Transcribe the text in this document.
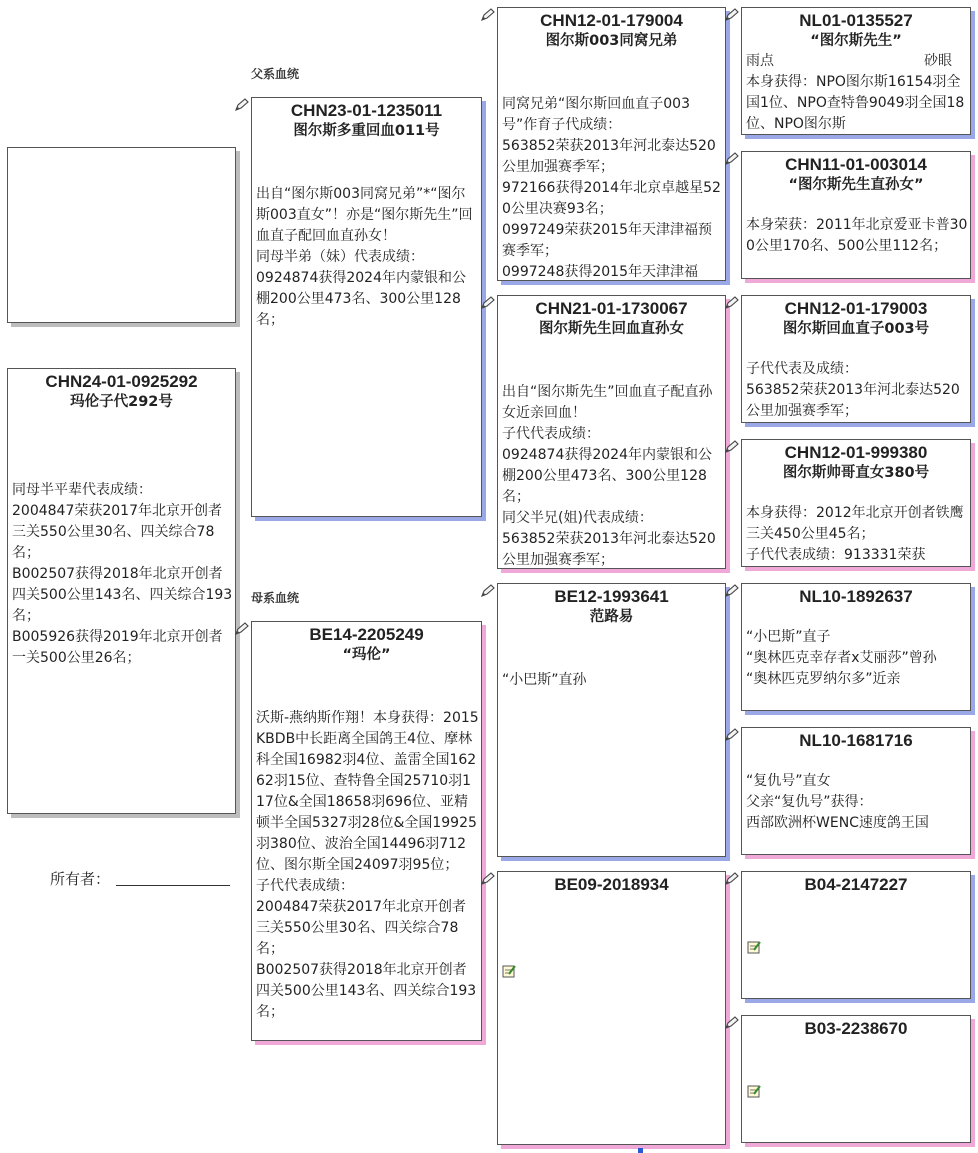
CHN24-01-0925292
玛伦子代292号
同母半平辈代表成绩：
2004847荣获2017年北京开创者三关550公里30名、四关综合78名；
B002507获得2018年北京开创者四关500公里143名、四关综合193名；
B005926获得2019年北京开创者一关500公里26名；
所有者：
父系血统
CHN23-01-1235011
图尔斯多重回血011号
出自“图尔斯003同窝兄弟”*“图尔斯003直女”！亦是“图尔斯先生”回血直子配回血直孙女！
同母半弟（妹）代表成绩：
0924874获得2024年内蒙银和公棚200公里473名、300公里128名；
母系血统
BE14-2205249
“玛伦”
沃斯-燕纳斯作翔！本身获得：2015KBDB中长距离全国鸽王4位、摩林科全国16982羽4位、盖雷全国16262羽15位、查特鲁全国25710羽117位&全国18658羽696位、亚精顿半全国5327羽28位&全国19925羽380位、波治全国14496羽712位、图尔斯全国24097羽95位；
子代代表成绩：
2004847荣获2017年北京开创者三关550公里30名、四关综合78名；
B002507获得2018年北京开创者四关500公里143名、四关综合193名；
CHN12-01-179004
图尔斯003同窝兄弟
同窝兄弟“图尔斯回血直子003号”作育子代成绩：
563852荣获2013年河北泰达520公里加强赛季军；
972166获得2014年北京卓越星520公里决赛93名；
0997249荣获2015年天津津福预赛季军；
0997248获得2015年天津津福
CHN21-01-1730067
图尔斯先生回血直孙女
出自“图尔斯先生”回血直子配直孙女近亲回血！
子代代表成绩：
0924874获得2024年内蒙银和公棚200公里473名、300公里128名；
同父半兄(姐)代表成绩：
563852荣获2013年河北泰达520公里加强赛季军；
BE12-1993641
范路易
“小巴斯”直孙
BE09-2018934
NL01-0135527
“图尔斯先生”
雨点	砂眼
本身获得：NPO图尔斯16154羽全国1位、NPO查特鲁9049羽全国18位、NPO图尔斯
CHN11-01-003014
“图尔斯先生直孙女”
本身荣获：2011年北京爱亚卡普300公里170名、500公里112名；
CHN12-01-179003
图尔斯回血直子003号
子代代表及成绩：
563852荣获2013年河北泰达520公里加强赛季军；
CHN12-01-999380
图尔斯帅哥直女380号
本身获得：2012年北京开创者铁鹰三关450公里45名；
子代代表成绩：913331荣获
NL10-1892637
“小巴斯”直子
“奥林匹克幸存者x艾丽莎”曾孙
“奥林匹克罗纳尔多”近亲
NL10-1681716
“复仇号”直女
父亲“复仇号”获得：
西部欧洲杯WENC速度鸽王国
B04-2147227
B03-2238670
